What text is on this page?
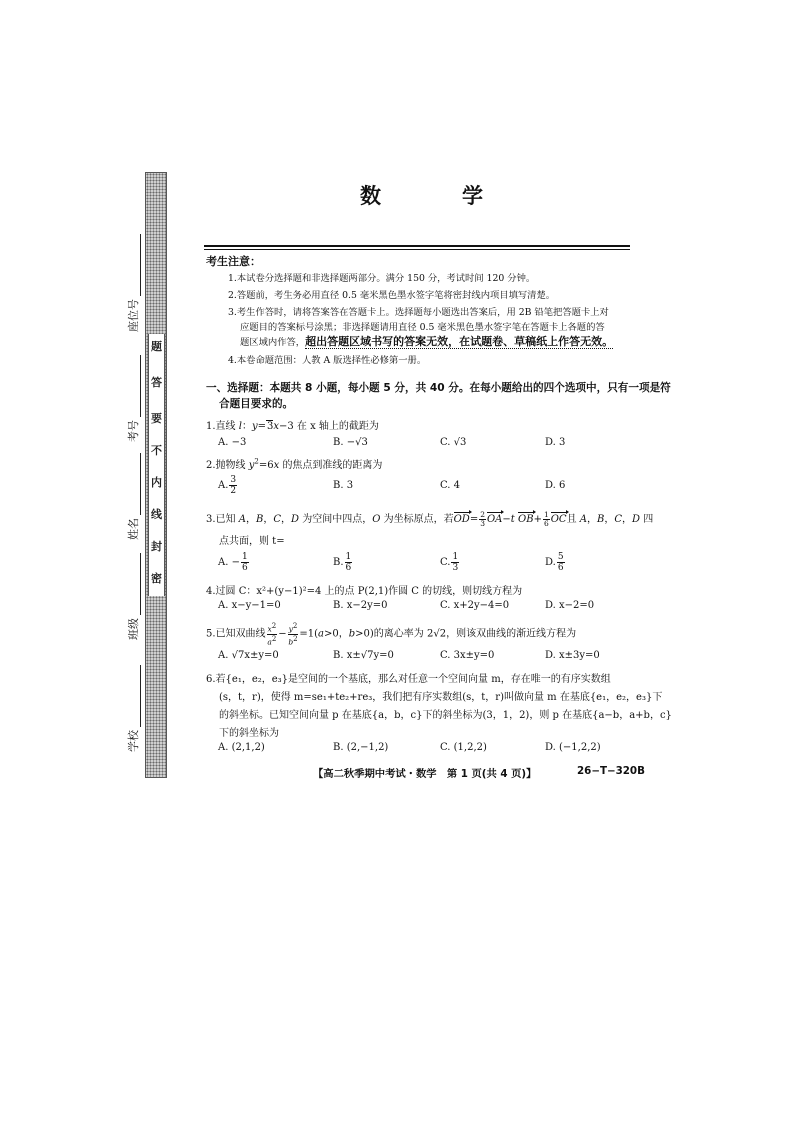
座位号
考号
姓名
班级
学校
密
封
线
内
不
要
答
题
数　学
考生注意：
1.本试卷分选择题和非选择题两部分。满分 150 分，考试时间 120 分钟。
2.答题前，考生务必用直径 0.5 毫米黑色墨水签字笔将密封线内项目填写清楚。
3.考生作答时，请将答案答在答题卡上。选择题每小题选出答案后，用 2B 铅笔把答题卡上对
应题目的答案标号涂黑；非选择题请用直径 0.5 毫米黑色墨水签字笔在答题卡上各题的答
题区域内作答，超出答题区域书写的答案无效，在试题卷、草稿纸上作答无效。
4.本卷命题范围：人教 A 版选择性必修第一册。
一、选择题：本题共 8 小题，每小题 5 分，共 40 分。在每小题给出的四个选项中，只有一项是符
合题目要求的。
1.直线 l：y=3x−3 在 x 轴上的截距为
A. −3	B. −√3	C. √3	D. 3
2.抛物线 $y^2=6x$ 的焦点到准线的距离为
A. $\frac{3}{2}$	B. 3	C. 4	D. 6
3.已知 A，B，C，D 为空间中四点，O 为坐标原点，若$OD= \frac{2}{3} OA-t$ $OB+ \frac{1}{6}$ OC且 A，B，C，D 四
点共面，则 t=
A. − $\frac{1}{6}$	B. $\frac{1}{6}$	C. $\frac{1}{3}$	D. $\frac{5}{6}$
4.过圆 C：x²+(y−1)²=4 上的点 P(2,1)作圆 C 的切线，则切线方程为
A. x−y−1=0	B. x−2y=0	C. x+2y−4=0	D. x−2=0
5.已知双曲线 $\frac{x^2}{a^2} - \frac{y^2}{b^2} =1(a>0$，b>0)的离心率为 2√2，则该双曲线的渐近线方程为
A. √7x±y=0	B. x±√7y=0	C. 3x±y=0	D. x±3y=0
6.若{e₁，e₂，e₃}是空间的一个基底，那么对任意一个空间向量 m，存在唯一的有序实数组
(s，t，r)，使得 m=se₁+te₂+re₃，我们把有序实数组(s，t，r)叫做向量 m 在基底{e₁，e₂，e₃}下
的斜坐标。已知空间向量 p 在基底{a，b，c}下的斜坐标为(3，1，2)，则 p 在基底{a−b，a+b，c}
下的斜坐标为
A. (2,1,2)	B. (2,−1,2)	C. (1,2,2)	D. (−1,2,2)
【高二秋季期中考试・数学　第 1 页(共 4 页)】	26−T−320B
